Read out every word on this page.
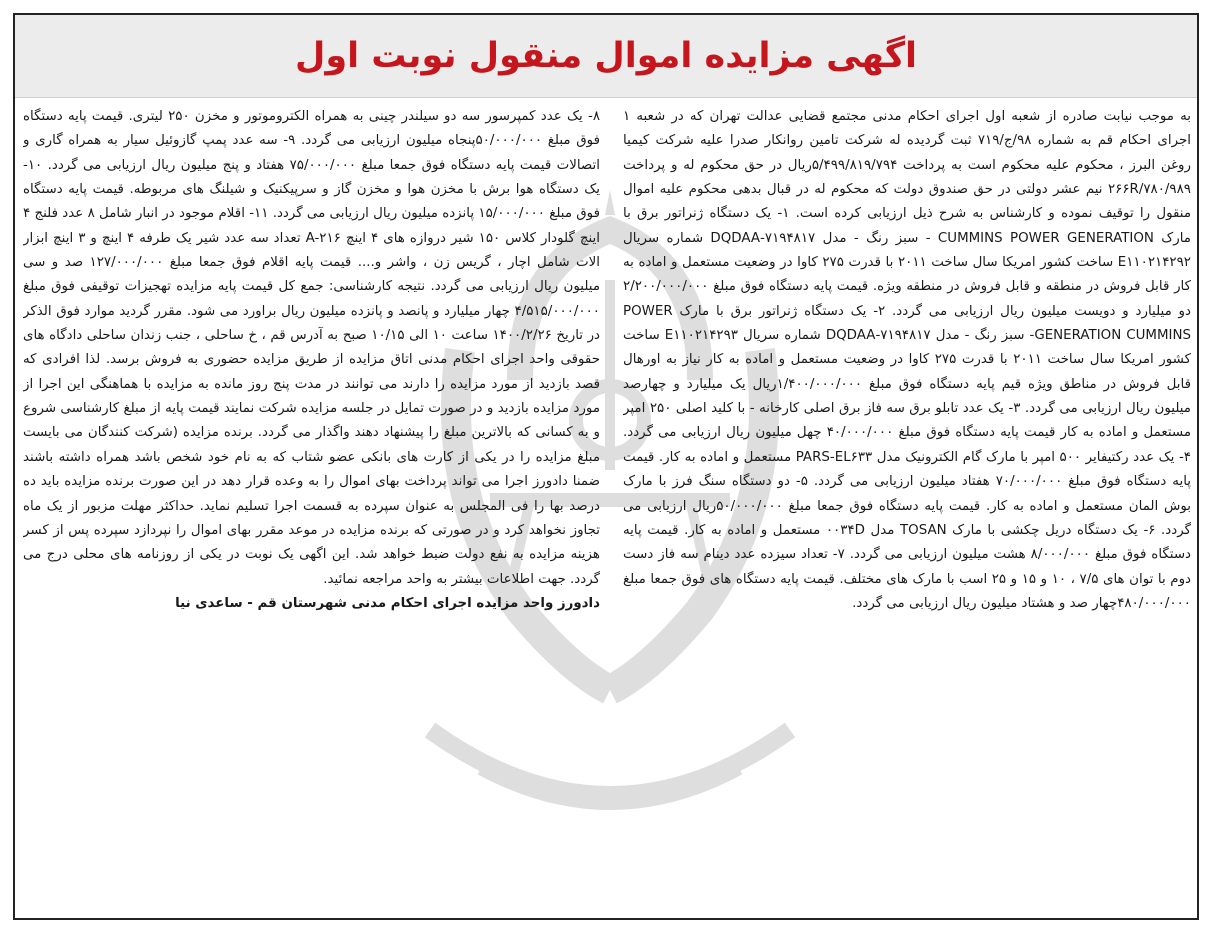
اگهی مزایده اموال منقول نوبت اول

به موجب نیابت صادره از شعبه اول اجرای احکام مدنی مجتمع قضایی عدالت تهران که در شعبه ۱ اجرای احکام قم به شماره ۹۸/ج/۷۱۹ ثبت گردیده له شرکت تامین روانکار صدرا علیه شرکت کیمیا روغن البرز ، محکوم علیه محکوم است به پرداخت ۵/۴۹۹/۸۱۹/۷۹۴ریال در حق محکوم له و پرداخت ۲۶۶R/۷۸۰/۹۸۹ نیم عشر دولتی در حق صندوق دولت که محکوم له در قبال بدهی محکوم علیه اموال منقول را توقیف نموده و کارشناس به شرح ذیل ارزیابی کرده است. ۱- یک دستگاه ژنراتور برق با مارک CUMMINS POWER GENERATION - سبز رنگ - مدل ۷۱۹۴۸۱۷-DQDAA شماره سریال E۱۱۰۲۱۴۲۹۲ ساخت کشور امریکا سال ساخت ۲۰۱۱ با قدرت ۲۷۵ کاوا در وضعیت مستعمل و اماده به کار قابل فروش در منطقه و قابل فروش در منطقه ویژه. قیمت پایه دستگاه فوق مبلغ ۲/۲۰۰/۰۰۰/۰۰۰ دو میلیارد و دویست میلیون ریال ارزیابی می گردد. ۲- یک دستگاه ژنراتور برق با مارک POWER GENERATION CUMMINS- سبز رنگ - مدل ۷۱۹۴۸۱۷-DQDAA شماره سریال E۱۱۰۲۱۴۲۹۳ ساخت کشور امریکا سال ساخت ۲۰۱۱ با قدرت ۲۷۵ کاوا در وضعیت مستعمل و اماده به کار نیاز به اورهال قابل فروش در مناطق ویژه قیم پایه دستگاه فوق مبلغ ۱/۴۰۰/۰۰۰/۰۰۰ریال یک میلیارد و چهارصد میلیون ریال ارزیابی می گردد. ۳- یک عدد تابلو برق سه فاز برق اصلی کارخانه - با کلید اصلی ۲۵۰ امپر مستعمل و اماده به کار قیمت پایه دستگاه فوق مبلغ ۴۰/۰۰۰/۰۰۰ چهل میلیون ریال ارزیابی می گردد. ۴- یک عدد رکتیفایر ۵۰۰ امپر با مارک گام الکترونیک مدل PARS-EL۶۳۳ مستعمل و اماده به کار. قیمت پایه دستگاه فوق مبلغ ۷۰/۰۰۰/۰۰۰ هفتاد میلیون ارزیابی می گردد. ۵- دو دستگاه سنگ فرز با مارک بوش المان مستعمل و اماده به کار. قیمت پایه دستگاه فوق جمعا مبلغ ۵۰/۰۰۰/۰۰۰ریال ارزیابی می گردد. ۶- یک دستگاه دریل چکشی با مارک TOSAN مدل ۰۰۳۴D مستعمل و اماده به کار. قیمت پایه دستگاه فوق مبلغ ۸/۰۰۰/۰۰۰ هشت میلیون ارزیابی می گردد. ۷- تعداد سیزده عدد دینام سه فاز دست دوم با توان های ۷/۵ ، ۱۰ و ۱۵ و ۲۵ اسب با مارک های مختلف. قیمت پایه دستگاه های فوق جمعا مبلغ ۴۸۰/۰۰۰/۰۰۰چهار صد و هشتاد میلیون ریال ارزیابی می گردد.

۸- یک عدد کمپرسور سه دو سیلندر چینی به همراه الکتروموتور و مخزن ۲۵۰ لیتری. قیمت پایه دستگاه فوق مبلغ ۵۰/۰۰۰/۰۰۰پنجاه میلیون ارزیابی می گردد. ۹- سه عدد پمپ گازوئیل سیار به همراه گاری و اتصالات قیمت پایه دستگاه فوق جمعا مبلغ ۷۵/۰۰۰/۰۰۰ هفتاد و پنج میلیون ریال ارزیابی می گردد. ۱۰- یک دستگاه هوا برش با مخزن هوا و مخزن گاز و سرپیکنیک و شیلنگ های مربوطه. قیمت پایه دستگاه فوق مبلغ ۱۵/۰۰۰/۰۰۰ پانزده میلیون ریال ارزیابی می گردد. ۱۱- اقلام موجود در انبار شامل ۸ عدد فلنج ۴ اینچ گلودار کلاس ۱۵۰ شیر دروازه های ۴ اینچ A-۲۱۶ تعداد سه عدد شیر یک طرفه ۴ اینچ و ۳ اینچ ابزار الات شامل اچار ، گریس زن ، واشر و.... قیمت پایه اقلام فوق جمعا مبلغ ۱۲۷/۰۰۰/۰۰۰ صد و سی میلیون ریال ارزیابی می گردد. نتیجه کارشناسی: جمع کل قیمت پایه مزایده تهجیزات توقیفی فوق مبلغ ۴/۵۱۵/۰۰۰/۰۰۰ چهار میلیارد و پانصد و پانزده میلیون ریال براورد می شود. مقرر گردید موارد فوق الذکر در تاریخ ۱۴۰۰/۲/۲۶ ساعت ۱۰ الی ۱۰/۱۵ صبح به آدرس قم ، خ ساحلی ، جنب زندان ساحلی دادگاه های حقوقی واحد اجرای احکام مدنی اتاق مزایده از طریق مزایده حضوری به فروش برسد. لذا افرادی که قصد بازدید از مورد مزایده را دارند می توانند در مدت پنج روز مانده به مزایده با هماهنگی این اجرا از مورد مزایده بازدید و در صورت تمایل در جلسه مزایده شرکت نمایند قیمت پایه از مبلغ کارشناسی شروع و به کسانی که بالاترین مبلغ را پیشنهاد دهند واگذار می گردد. برنده مزایده (شرکت کنندگان می بایست مبلغ مزایده را در یکی از کارت های بانکی عضو شتاب که به نام خود شخص باشد همراه داشته باشند ضمنا دادورز اجرا می تواند پرداخت بهای اموال را به وعده قرار دهد در این صورت برنده مزایده باید ده درصد بها را فی المجلس به عنوان سپرده به قسمت اجرا تسلیم نماید. حداکثر مهلت مزبور از یک ماه تجاوز نخواهد کرد و در صورتی که برنده مزایده در موعد مقرر بهای اموال را نپردازد سپرده پس از کسر هزینه مزایده به نفع دولت ضبط خواهد شد. این اگهی یک نوبت در یکی از روزنامه های محلی درج می گردد. جهت اطلاعات بیشتر به واحد مراجعه نمائید.

دادورز واحد مزایده اجرای احکام مدنی شهرستان قم - ساعدی نیا
